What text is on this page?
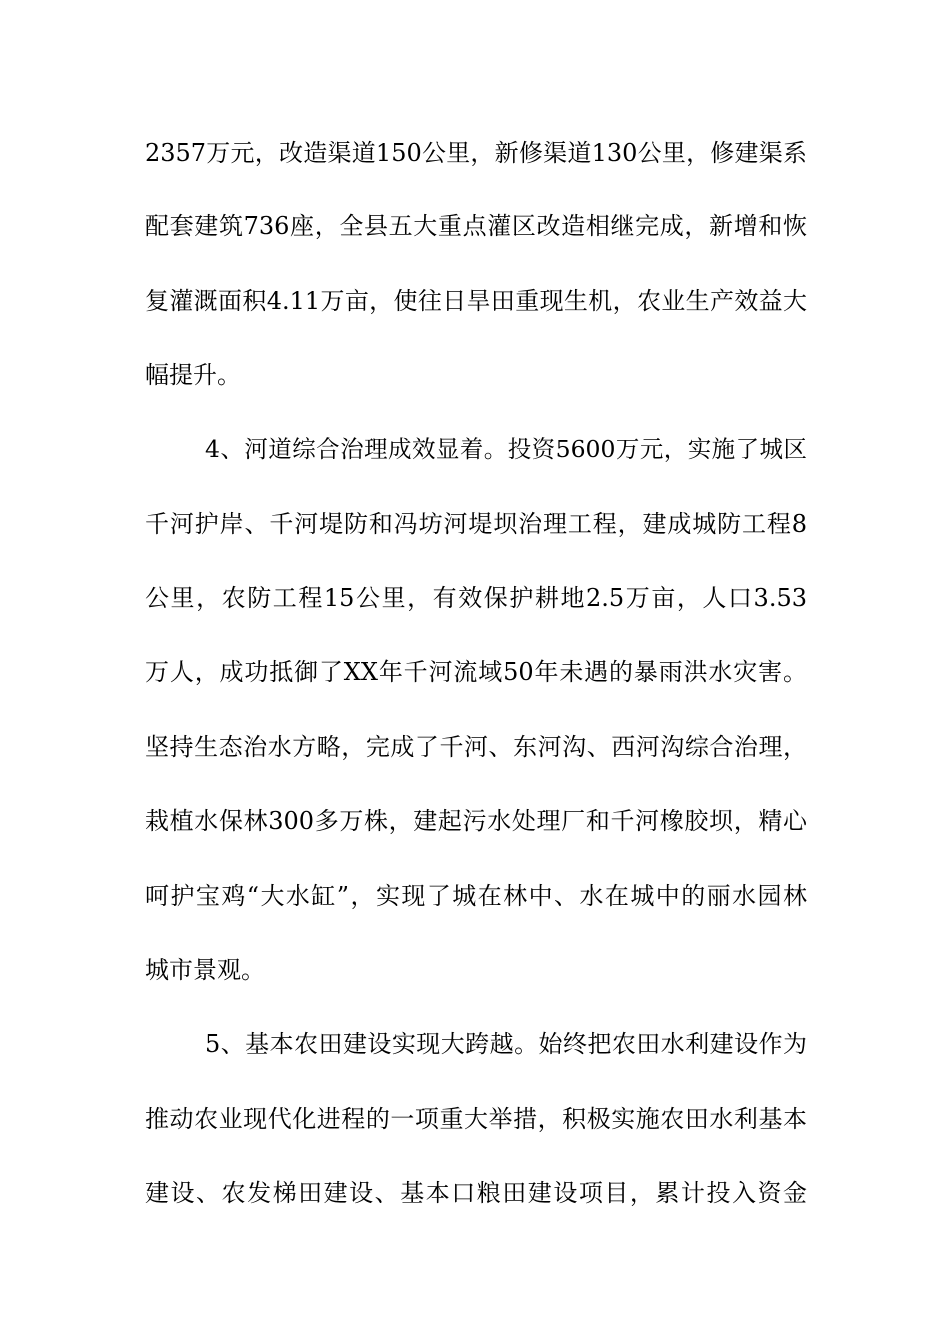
2357万元，改造渠道150公里，新修渠道130公里，修建渠系
配套建筑736座，全县五大重点灌区改造相继完成，新增和恢
复灌溉面积4.11万亩，使往日旱田重现生机，农业生产效益大
幅提升。
4、河道综合治理成效显着。投资5600万元，实施了城区
千河护岸、千河堤防和冯坊河堤坝治理工程，建成城防工程8
公里，农防工程15公里，有效保护耕地2.5万亩，人口3.53
万人，成功抵御了XX年千河流域50年未遇的暴雨洪水灾害。
坚持生态治水方略，完成了千河、东河沟、西河沟综合治理，
栽植水保林300多万株，建起污水处理厂和千河橡胶坝，精心
呵护宝鸡“大水缸”，实现了城在林中、水在城中的丽水园林
城市景观。
5、基本农田建设实现大跨越。始终把农田水利建设作为
推动农业现代化进程的一项重大举措，积极实施农田水利基本
建设、农发梯田建设、基本口粮田建设项目，累计投入资金
